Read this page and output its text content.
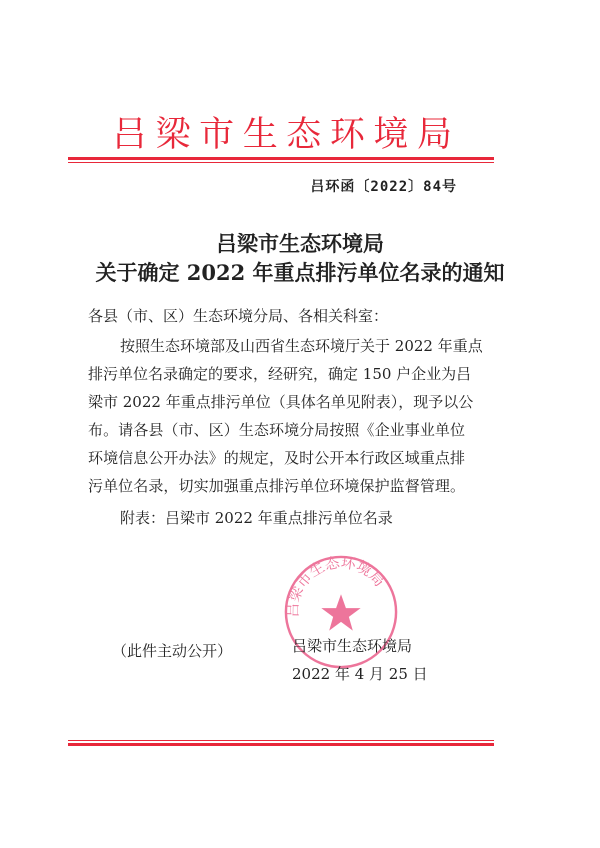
吕梁市生态环境局
吕环函〔2022〕84号
吕梁市生态环境局
关于确定 2022 年重点排污单位名录的通知
各县（市、区）生态环境分局、各相关科室：
按照生态环境部及山西省生态环境厅关于 2022 年重点
排污单位名录确定的要求，经研究，确定 150 户企业为吕
梁市 2022 年重点排污单位（具体名单见附表），现予以公
布。请各县（市、区）生态环境分局按照《企业事业单位
环境信息公开办法》的规定，及时公开本行政区域重点排
污单位名录，切实加强重点排污单位环境保护监督管理。
附表：吕梁市 2022 年重点排污单位名录
吕梁市生态环境局
吕梁市生态环境局
2022 年 4 月 25 日
（此件主动公开）
